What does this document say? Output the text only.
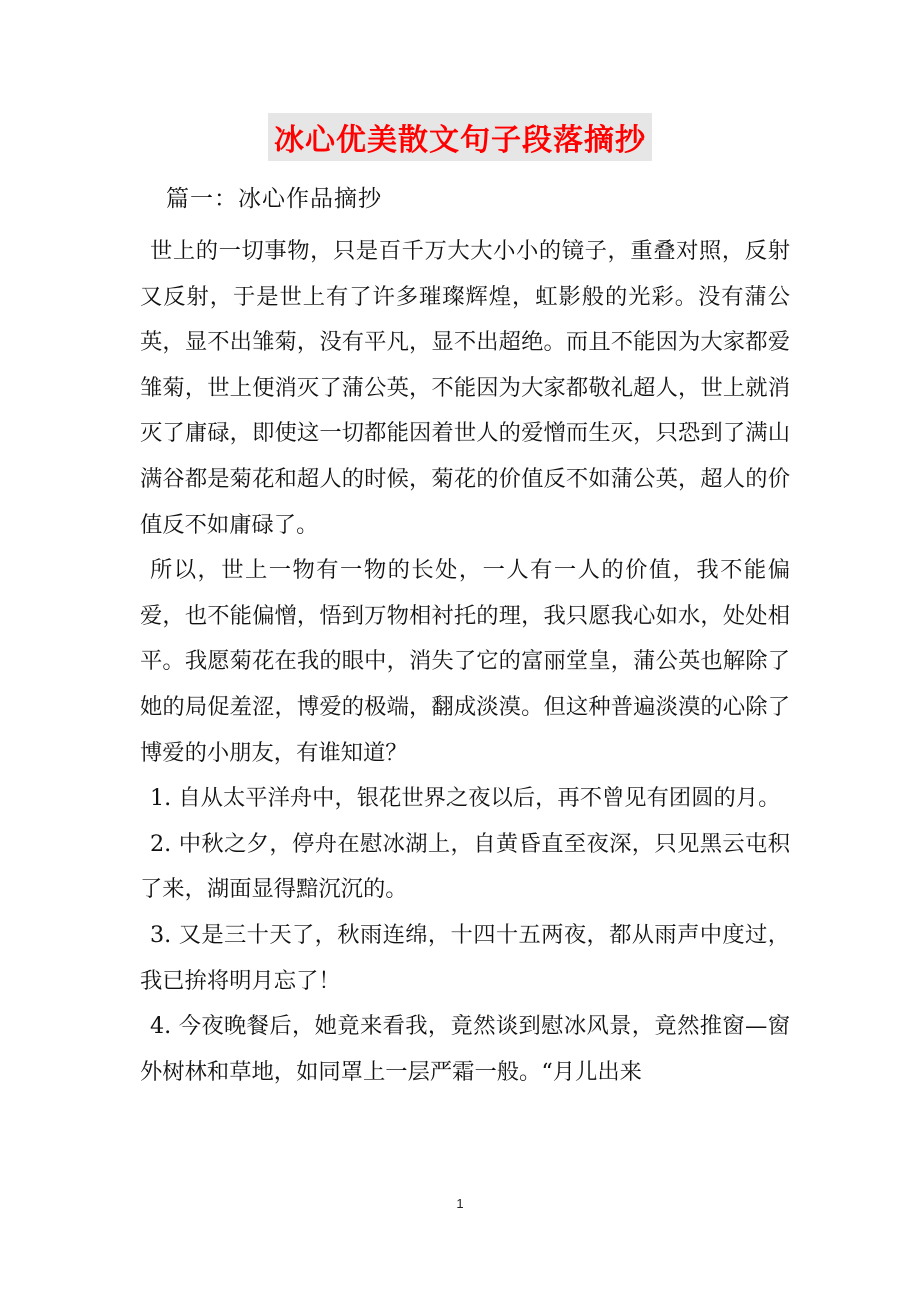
冰心优美散文句子段落摘抄
篇一：冰心作品摘抄

世上的一切事物，只是百千万大大小小的镜子，重叠对照，反射又反射，于是世上有了许多璀璨辉煌，虹影般的光彩。没有蒲公英，显不出雏菊，没有平凡，显不出超绝。而且不能因为大家都爱雏菊，世上便消灭了蒲公英，不能因为大家都敬礼超人，世上就消灭了庸碌，即使这一切都能因着世人的爱憎而生灭，只恐到了满山满谷都是菊花和超人的时候，菊花的价值反不如蒲公英，超人的价值反不如庸碌了。

所以，世上一物有一物的长处，一人有一人的价值，我不能偏爱，也不能偏憎，悟到万物相衬托的理，我只愿我心如水，处处相平。我愿菊花在我的眼中，消失了它的富丽堂皇，蒲公英也解除了她的局促羞涩，博爱的极端，翻成淡漠。但这种普遍淡漠的心除了博爱的小朋友，有谁知道？

1. 自从太平洋舟中，银花世界之夜以后，再不曾见有团圆的月。

2. 中秋之夕，停舟在慰冰湖上，自黄昏直至夜深，只见黑云屯积了来，湖面显得黯沉沉的。

3. 又是三十天了，秋雨连绵，十四十五两夜，都从雨声中度过，我已拚将明月忘了！

4. 今夜晚餐后，她竟来看我，竟然谈到慰冰风景，竟然推窗—窗外树林和草地，如同罩上一层严霜一般。“月儿出来

1
